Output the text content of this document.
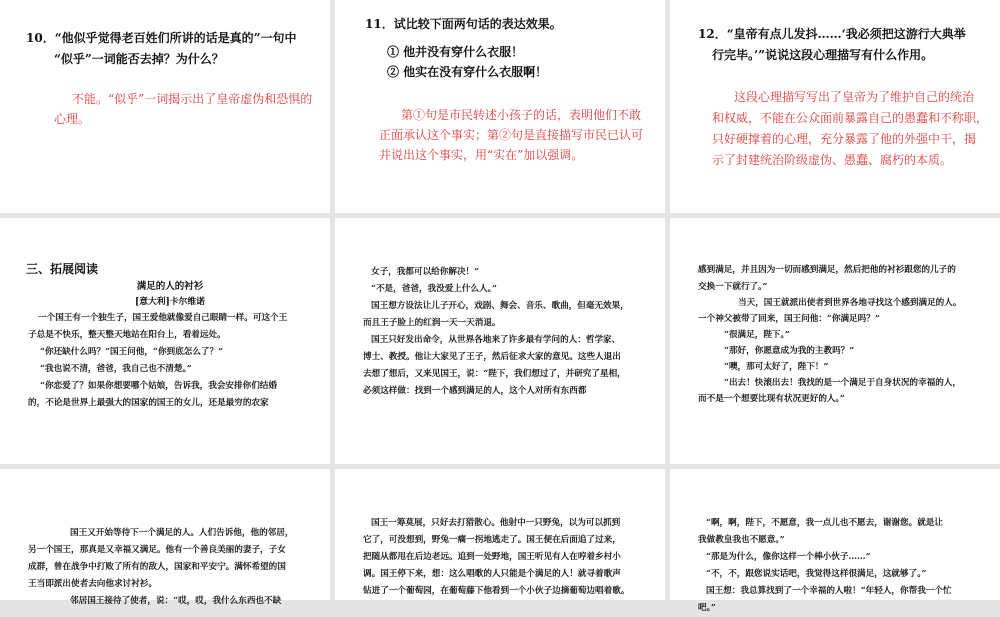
10．“他似乎觉得老百姓们所讲的话是真的”一句中

“似乎”一词能否去掉？为什么？

不能。“似乎”一词揭示出了皇帝虚伪和恐惧的

心理。

11．试比较下面两句话的表达效果。

① 他并没有穿什么衣服！

② 他实在没有穿什么衣服啊！

第①句是市民转述小孩子的话，表明他们不敢

正面承认这个事实；第②句是直接描写市民已认可

并说出这个事实，用“实在”加以强调。

12．“皇帝有点儿发抖……‘我必须把这游行大典举

行完毕。’”说说这段心理描写有什么作用。

这段心理描写写出了皇帝为了维护自己的统治

和权威，不能在公众面前暴露自己的愚蠢和不称职，

只好硬撑着的心理，充分暴露了他的外强中干，揭

示了封建统治阶级虚伪、愚蠢、腐朽的本质。

三、拓展阅读

满足的人的衬衫

[意大利]卡尔维诺

一个国王有一个独生子，国王爱他就像爱自己眼睛一样。可这个王

子总是不快乐，整天整天地站在阳台上，看着远处。

“你还缺什么吗？”国王问他，“你到底怎么了？”

“我也说不清，爸爸，我自己也不清楚。”

“你恋爱了？如果你想要哪个姑娘，告诉我，我会安排你们结婚

的，不论是世界上最强大的国家的国王的女儿，还是最穷的农家

女子，我都可以给你解决！”

“不是，爸爸，我没爱上什么人。”

国王想方设法让儿子开心，戏剧、舞会、音乐、歌曲，但毫无效果，

而且王子脸上的红润一天一天消退。

国王只好发出命令，从世界各地来了许多最有学问的人：哲学家、

博士、教授。他让大家见了王子，然后征求大家的意见。这些人退出

去想了想后，又来见国王，说：“陛下，我们想过了，并研究了星相，

必须这样做：找到一个感到满足的人，这个人对所有东西都

感到满足，并且因为一切而感到满足，然后把他的衬衫跟您的儿子的

交换一下就行了。”

当天，国王就派出使者到世界各地寻找这个感到满足的人。

一个神父被带了回来，国王问他：“你满足吗？”

“很满足，陛下。”

“那好，你愿意成为我的主教吗？”

“噢，那可太好了，陛下！”

“出去！快滚出去！我找的是一个满足于自身状况的幸福的人，

而不是一个想要比现有状况更好的人。”

国王又开始等待下一个满足的人。人们告诉他，他的邻居，

另一个国王，那真是又幸福又满足。他有一个善良美丽的妻子，子女

成群，曾在战争中打败了所有的敌人，国家和平安宁。满怀希望的国

王当即派出使者去向他求讨衬衫。

邻居国王接待了使者，说：“哎，哎，我什么东西也不缺

国王一筹莫展，只好去打猎散心。他射中一只野兔，以为可以抓到

它了，可没想到，野兔一瘸一拐地逃走了。国王便在后面追了过来，

把随从都甩在后边老远。追到一处野地，国王听见有人在哼着乡村小

调。国王停下来，想：这么唱歌的人只能是个满足的人！就寻着歌声

钻进了一个葡萄园，在葡萄藤下他看到一个小伙子边摘葡萄边唱着歌。

“啊，啊，陛下，不愿意，我一点儿也不愿去，谢谢您。就是让

我做教皇我也不愿意。”

“那是为什么，像你这样一个棒小伙子……”

“不，不，跟您说实话吧，我觉得这样很满足，这就够了。”

国王想：我总算找到了一个幸福的人啦！“年轻人，你帮我一个忙

吧。”
